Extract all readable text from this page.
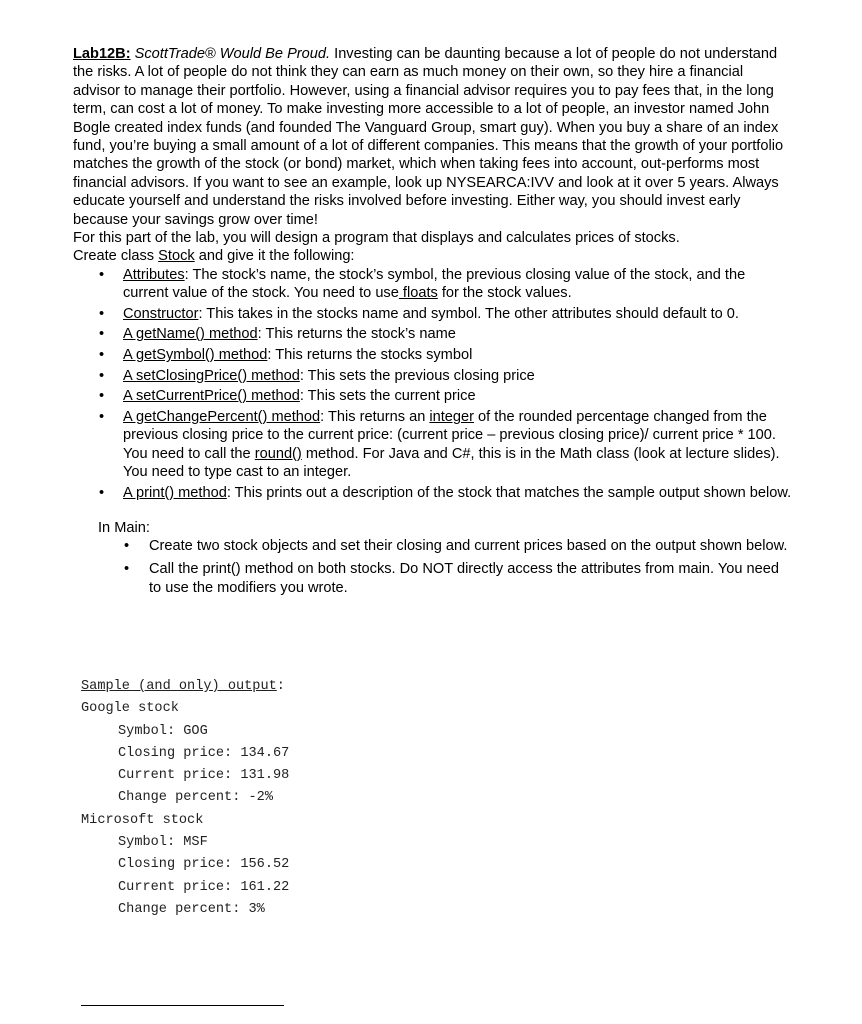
Lab12B: ScottTrade® Would Be Proud. Investing can be daunting because a lot of people do not understand the risks. A lot of people do not think they can earn as much money on their own, so they hire a financial advisor to manage their portfolio. However, using a financial advisor requires you to pay fees that, in the long term, can cost a lot of money. To make investing more accessible to a lot of people, an investor named John Bogle created index funds (and founded The Vanguard Group, smart guy). When you buy a share of an index fund, you’re buying a small amount of a lot of different companies. This means that the growth of your portfolio matches the growth of the stock (or bond) market, which when taking fees into account, out-performs most financial advisors. If you want to see an example, look up NYSEARCA:IVV and look at it over 5 years. Always educate yourself and understand the risks involved before investing. Either way, you should invest early because your savings grow over time!

For this part of the lab, you will design a program that displays and calculates prices of stocks.

Create class Stock and give it the following:

• Attributes: The stock’s name, the stock’s symbol, the previous closing value of the stock, and the current value of the stock. You need to use floats for the stock values.
• Constructor: This takes in the stocks name and symbol. The other attributes should default to 0.
• A getName() method: This returns the stock’s name
• A getSymbol() method: This returns the stocks symbol
• A setClosingPrice() method: This sets the previous closing price
• A setCurrentPrice() method: This sets the current price
• A getChangePercent() method: This returns an integer of the rounded percentage changed from the previous closing price to the current price: (current price – previous closing price)/ current price * 100. You need to call the round() method. For Java and C#, this is in the Math class (look at lecture slides). You need to type cast to an integer.
• A print() method: This prints out a description of the stock that matches the sample output shown below.

In Main:

• Create two stock objects and set their closing and current prices based on the output shown below.
• Call the print() method on both stocks. Do NOT directly access the attributes from main. You need to use the modifiers you wrote.
Sample (and only) output:
Google stock
Symbol: GOG
Closing price: 134.67
Current price: 131.98
Change percent: -2%
Microsoft stock
Symbol: MSF
Closing price: 156.52
Current price: 161.22
Change percent: 3%
